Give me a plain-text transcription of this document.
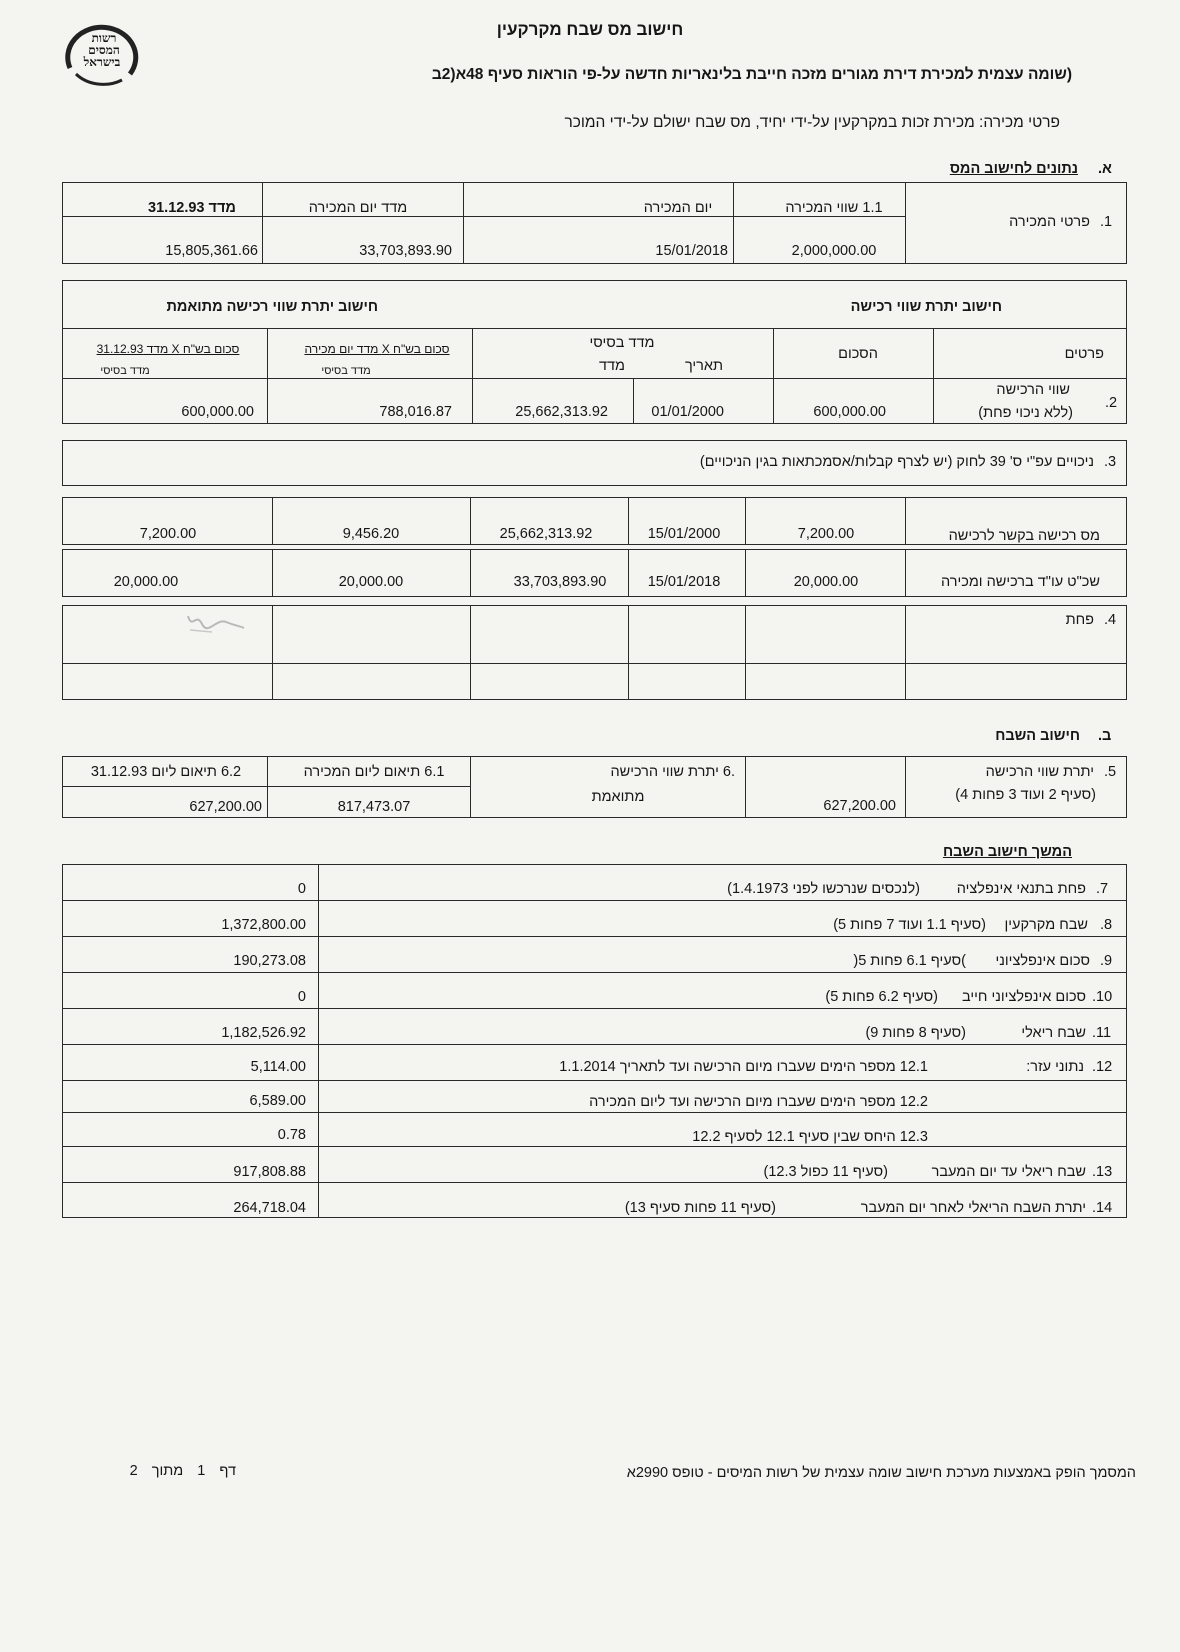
רשות
המסים
בישראל
חישוב מס שבח מקרקעין
(שומה עצמית למכירת דירת מגורים מזכה חייבת בלינאריות חדשה על-פי הוראות סעיף 48א(2ב
פרטי מכירה: מכירת זכות במקרקעין על-ידי יחיד, מס שבח ישולם על-ידי המוכר
א.
נתונים לחישוב המס
1.
פרטי המכירה
1.1 שווי המכירה
2,000,000.00
יום המכירה
15/01/2018
מדד יום המכירה
33,703,893.90
מדד 31.12.93
15,805,361.66
חישוב יתרת שווי רכישה
חישוב יתרת שווי רכישה מתואמת
פרטים
הסכום
מדד בסיסי
תאריך
מדד
סכום בש"ח X מדד יום מכירה
מדד בסיסי
סכום בש"ח X מדד 31.12.93
מדד בסיסי
2.
שווי הרכישה
(ללא ניכוי פחת)
600,000.00
01/01/2000
25,662,313.92
788,016.87
600,000.00
3.
ניכויים עפ"י ס' 39 לחוק (יש לצרף קבלות/אסמכתאות בגין הניכויים)
מס רכישה בקשר לרכישה
7,200.00
15/01/2000
25,662,313.92
9,456.20
7,200.00
שכ"ט עו"ד ברכישה ומכירה
20,000.00
15/01/2018
33,703,893.90
20,000.00
20,000.00
4.
פחת
ב.
חישוב השבח
5.
יתרת שווי הרכישה
(סעיף 2 ועוד 3 פחות 4)
627,200.00
.6 יתרת שווי הרכישה
מתואמת
6.1 תיאום ליום המכירה
817,473.07
6.2 תיאום ליום 31.12.93
627,200.00
המשך חישוב השבח
.7
פחת בתנאי אינפלציה
(לנכסים שנרכשו לפני 1.4.1973)
0
.8
שבח מקרקעין
(סעיף 1.1 ועוד 7 פחות 5)
1,372,800.00
.9
סכום אינפלציוני
)סעיף 6.1 פחות 5(
190,273.08
.10
סכום אינפלציוני חייב
(סעיף 6.2 פחות 5)
0
.11
שבח ריאלי
(סעיף 8 פחות 9)
1,182,526.92
.12
נתוני עזר:
12.1 מספר הימים שעברו מיום הרכישה ועד לתאריך 1.1.2014
5,114.00
12.2 מספר הימים שעברו מיום הרכישה ועד ליום המכירה
6,589.00
12.3 היחס שבין סעיף 12.1 לסעיף 12.2
0.78
.13
שבח ריאלי עד יום המעבר
(סעיף 11 כפול 12.3)
917,808.88
.14
יתרת השבח הריאלי לאחר יום המעבר
(סעיף 11 פחות סעיף 13)
264,718.04
המסמך הופק באמצעות מערכת חישוב שומה עצמית של רשות המיסים - טופס 2990א
דף 1 מתוך 2
